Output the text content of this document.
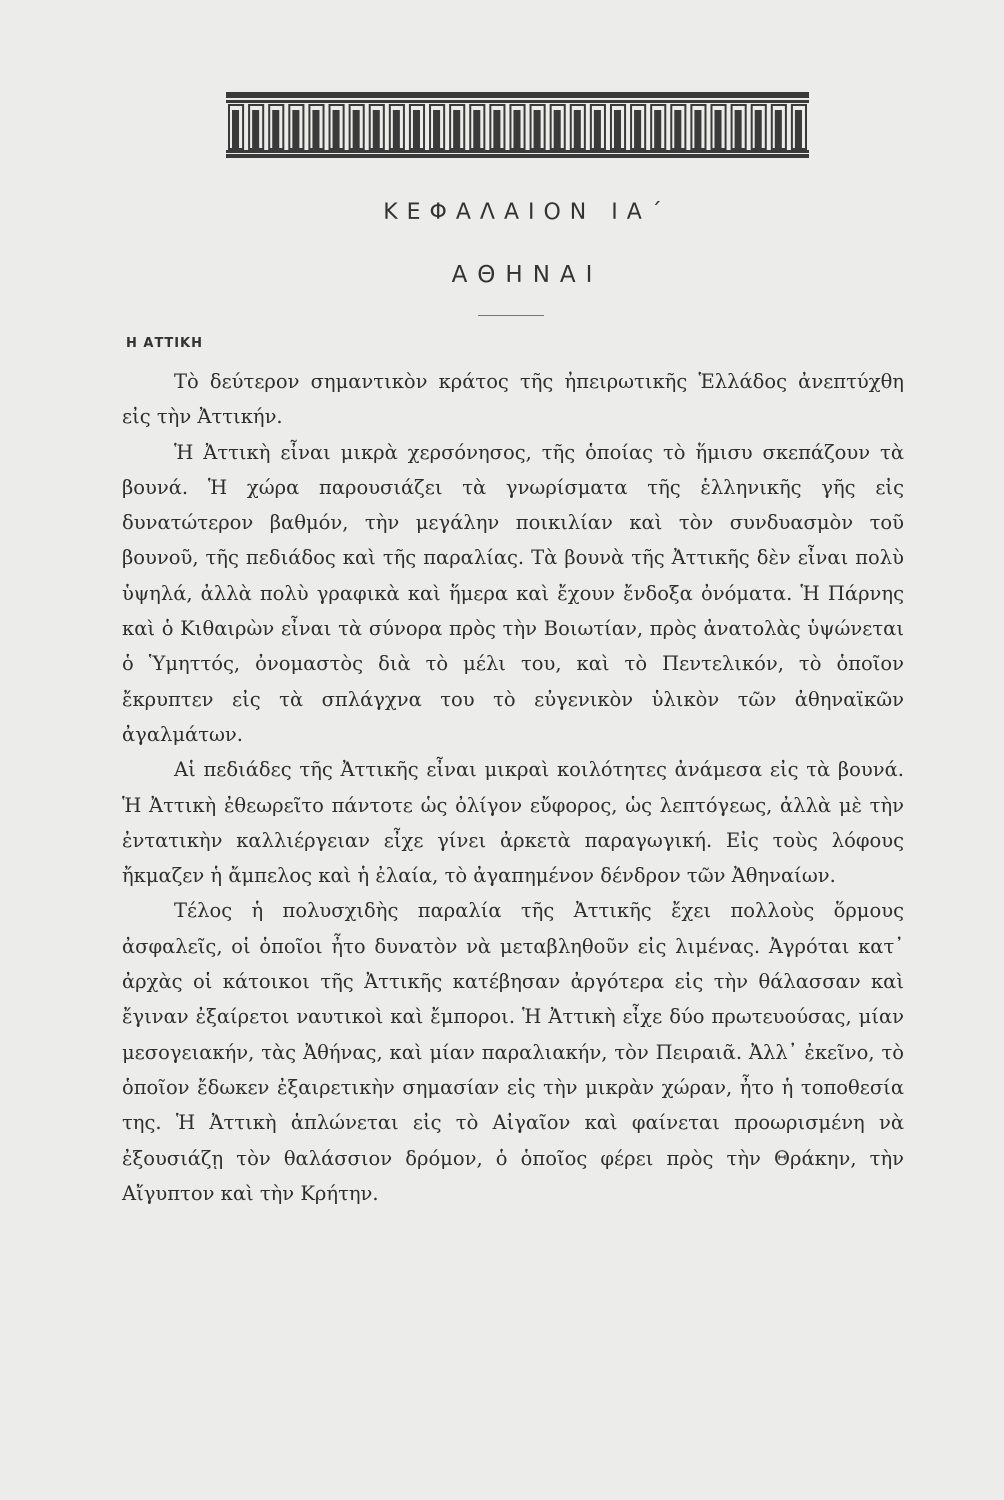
ΚΕΦΑΛΑΙΟΝ ΙΑ΄
ΑΘΗΝΑΙ
Η ΑΤΤΙΚΗ

Τὸ δεύτερον σημαντικὸν κράτος τῆς ἠπειρωτικῆς Ἑλλάδος ἀνεπτύχθη εἰς τὴν Ἀττικήν.

Ἡ Ἀττικὴ εἶναι μικρὰ χερσόνησος, τῆς ὁποίας τὸ ἥμισυ σκεπάζουν τὰ βουνά. Ἡ χώρα παρουσιάζει τὰ γνωρίσματα τῆς ἑλληνικῆς γῆς εἰς δυνατώτερον βαθμόν, τὴν μεγάλην ποικιλίαν καὶ τὸν συνδυασμὸν τοῦ βουνοῦ, τῆς πεδιάδος καὶ τῆς παραλίας. Τὰ βουνὰ τῆς Ἀττικῆς δὲν εἶναι πολὺ ὑψηλά, ἀλλὰ πολὺ γραφικὰ καὶ ἥμερα καὶ ἔχουν ἔνδοξα ὀνόματα. Ἡ Πάρνης καὶ ὁ Κιθαιρὼν εἶναι τὰ σύνορα πρὸς τὴν Βοιωτίαν, πρὸς ἀνατολὰς ὑψώνεται ὁ Ὑμηττός, ὀνομαστὸς διὰ τὸ μέλι του, καὶ τὸ Πεντελικόν, τὸ ὁποῖον ἔκρυπτεν εἰς τὰ σπλάγχνα του τὸ εὐγενικὸν ὑλικὸν τῶν ἀθηναϊκῶν ἀγαλμάτων.

Αἱ πεδιάδες τῆς Ἀττικῆς εἶναι μικραὶ κοιλότητες ἀνάμεσα εἰς τὰ βουνά. Ἡ Ἀττικὴ ἐθεωρεῖτο πάντοτε ὡς ὀλίγον εὔφορος, ὡς λεπτόγεως, ἀλλὰ μὲ τὴν ἐντατικὴν καλλιέργειαν εἶχε γίνει ἀρκετὰ παραγωγική. Εἰς τοὺς λόφους ἤκμαζεν ἡ ἄμπελος καὶ ἡ ἐλαία, τὸ ἀγαπημένον δένδρον τῶν Ἀθηναίων.

Τέλος ἡ πολυσχιδὴς παραλία τῆς Ἀττικῆς ἔχει πολλοὺς ὅρμους ἀσφαλεῖς, οἱ ὁποῖοι ἦτο δυνατὸν νὰ μεταβληθοῦν εἰς λιμένας. Ἀγρόται κατ᾽ ἀρχὰς οἱ κάτοικοι τῆς Ἀττικῆς κατέβησαν ἀργότερα εἰς τὴν θάλασσαν καὶ ἔγιναν ἐξαίρετοι ναυτικοὶ καὶ ἔμποροι. Ἡ Ἀττικὴ εἶχε δύο πρωτευούσας, μίαν μεσογειακήν, τὰς Ἀθήνας, καὶ μίαν παραλιακήν, τὸν Πειραιᾶ. Ἀλλ᾽ ἐκεῖνο, τὸ ὁποῖον ἔδωκεν ἐξαιρετικὴν σημασίαν εἰς τὴν μικρὰν χώραν, ἦτο ἡ τοποθεσία της. Ἡ Ἀττικὴ ἁπλώνεται εἰς τὸ Αἰγαῖον καὶ φαίνεται προωρισμένη νὰ ἐξουσιάζῃ τὸν θαλάσσιον δρόμον, ὁ ὁποῖος φέρει πρὸς τὴν Θράκην, τὴν Αἴγυπτον καὶ τὴν Κρήτην.
